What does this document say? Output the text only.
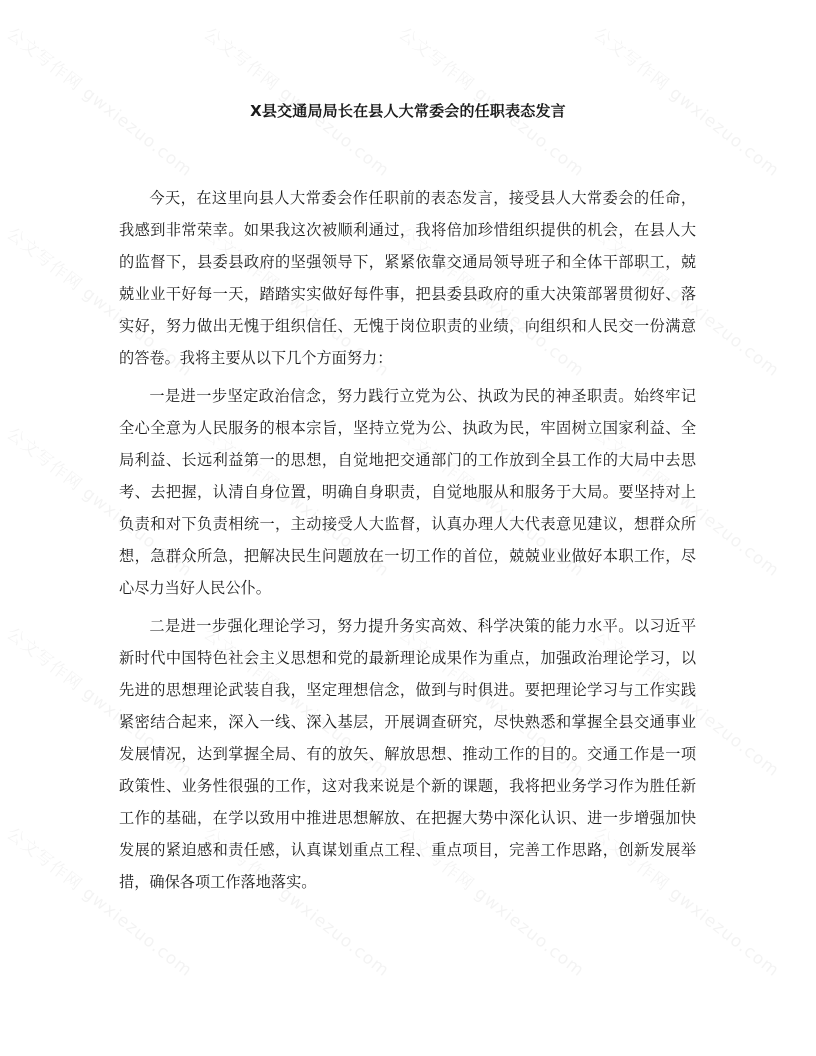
X县交通局局长在县人大常委会的任职表态发言

今天，在这里向县人大常委会作任职前的表态发言，接受县人大常委会的任命，我感到非常荣幸。如果我这次被顺利通过，我将倍加珍惜组织提供的机会，在县人大的监督下，县委县政府的坚强领导下，紧紧依靠交通局领导班子和全体干部职工，兢兢业业干好每一天，踏踏实实做好每件事，把县委县政府的重大决策部署贯彻好、落实好，努力做出无愧于组织信任、无愧于岗位职责的业绩，向组织和人民交一份满意的答卷。我将主要从以下几个方面努力：

一是进一步坚定政治信念，努力践行立党为公、执政为民的神圣职责。始终牢记全心全意为人民服务的根本宗旨，坚持立党为公、执政为民，牢固树立国家利益、全局利益、长远利益第一的思想，自觉地把交通部门的工作放到全县工作的大局中去思考、去把握，认清自身位置，明确自身职责，自觉地服从和服务于大局。要坚持对上负责和对下负责相统一，主动接受人大监督，认真办理人大代表意见建议，想群众所想，急群众所急，把解决民生问题放在一切工作的首位，兢兢业业做好本职工作，尽心尽力当好人民公仆。

二是进一步强化理论学习，努力提升务实高效、科学决策的能力水平。以习近平新时代中国特色社会主义思想和党的最新理论成果作为重点，加强政治理论学习，以先进的思想理论武装自我，坚定理想信念，做到与时俱进。要把理论学习与工作实践紧密结合起来，深入一线、深入基层，开展调查研究，尽快熟悉和掌握全县交通事业发展情况，达到掌握全局、有的放矢、解放思想、推动工作的目的。交通工作是一项政策性、业务性很强的工作，这对我来说是个新的课题，我将把业务学习作为胜任新工作的基础，在学以致用中推进思想解放、在把握大势中深化认识、进一步增强加快发展的紧迫感和责任感，认真谋划重点工程、重点项目，完善工作思路，创新发展举措，确保各项工作落地落实。
